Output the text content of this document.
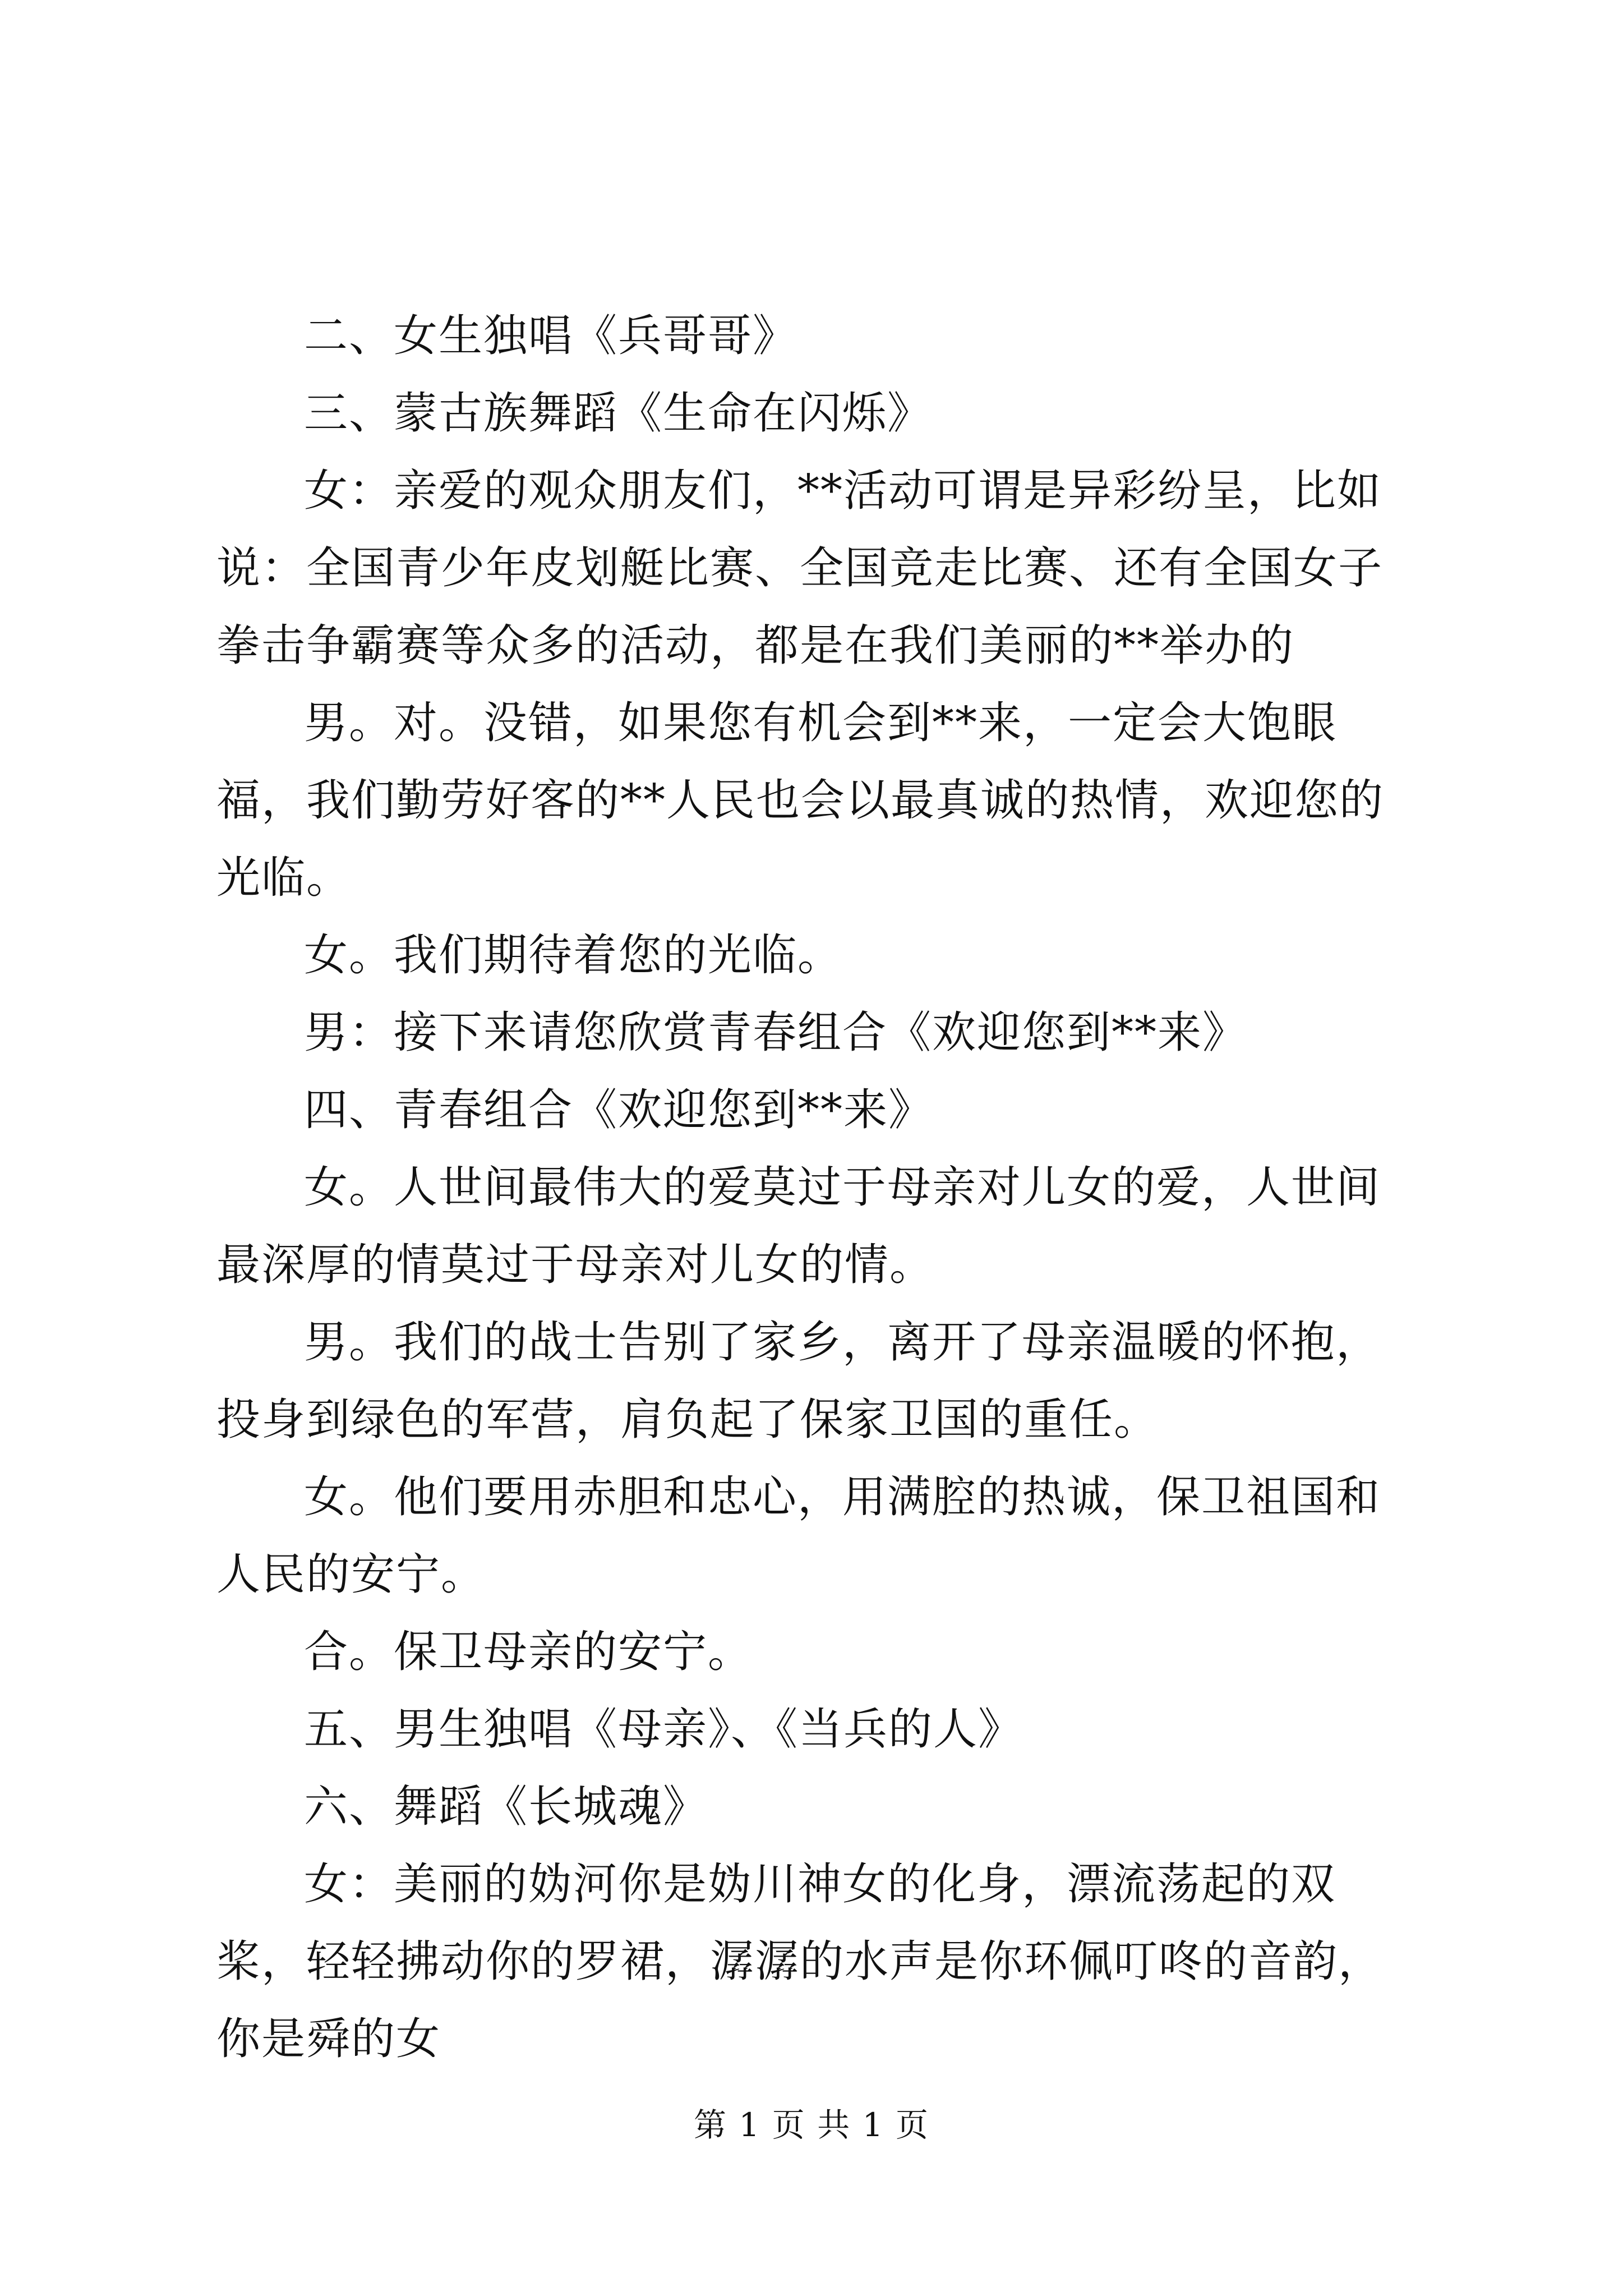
二、女生独唱《兵哥哥》

三、蒙古族舞蹈《生命在闪烁》

女：亲爱的观众朋友们，**活动可谓是异彩纷呈，比如说：全国青少年皮划艇比赛、全国竞走比赛、还有全国女子拳击争霸赛等众多的活动，都是在我们美丽的**举办的

男。对。没错，如果您有机会到**来，一定会大饱眼福，我们勤劳好客的**人民也会以最真诚的热情，欢迎您的光临。

女。我们期待着您的光临。

男：接下来请您欣赏青春组合《欢迎您到**来》

四、青春组合《欢迎您到**来》

女。人世间最伟大的爱莫过于母亲对儿女的爱，人世间最深厚的情莫过于母亲对儿女的情。

男。我们的战士告别了家乡，离开了母亲温暖的怀抱，投身到绿色的军营，肩负起了保家卫国的重任。

女。他们要用赤胆和忠心，用满腔的热诚，保卫祖国和人民的安宁。

合。保卫母亲的安宁。

五、男生独唱《母亲》、《当兵的人》

六、舞蹈《长城魂》

女：美丽的妫河你是妫川神女的化身，漂流荡起的双桨，轻轻拂动你的罗裙，潺潺的水声是你环佩叮咚的音韵，你是舜的女

第 1 页 共 1 页
